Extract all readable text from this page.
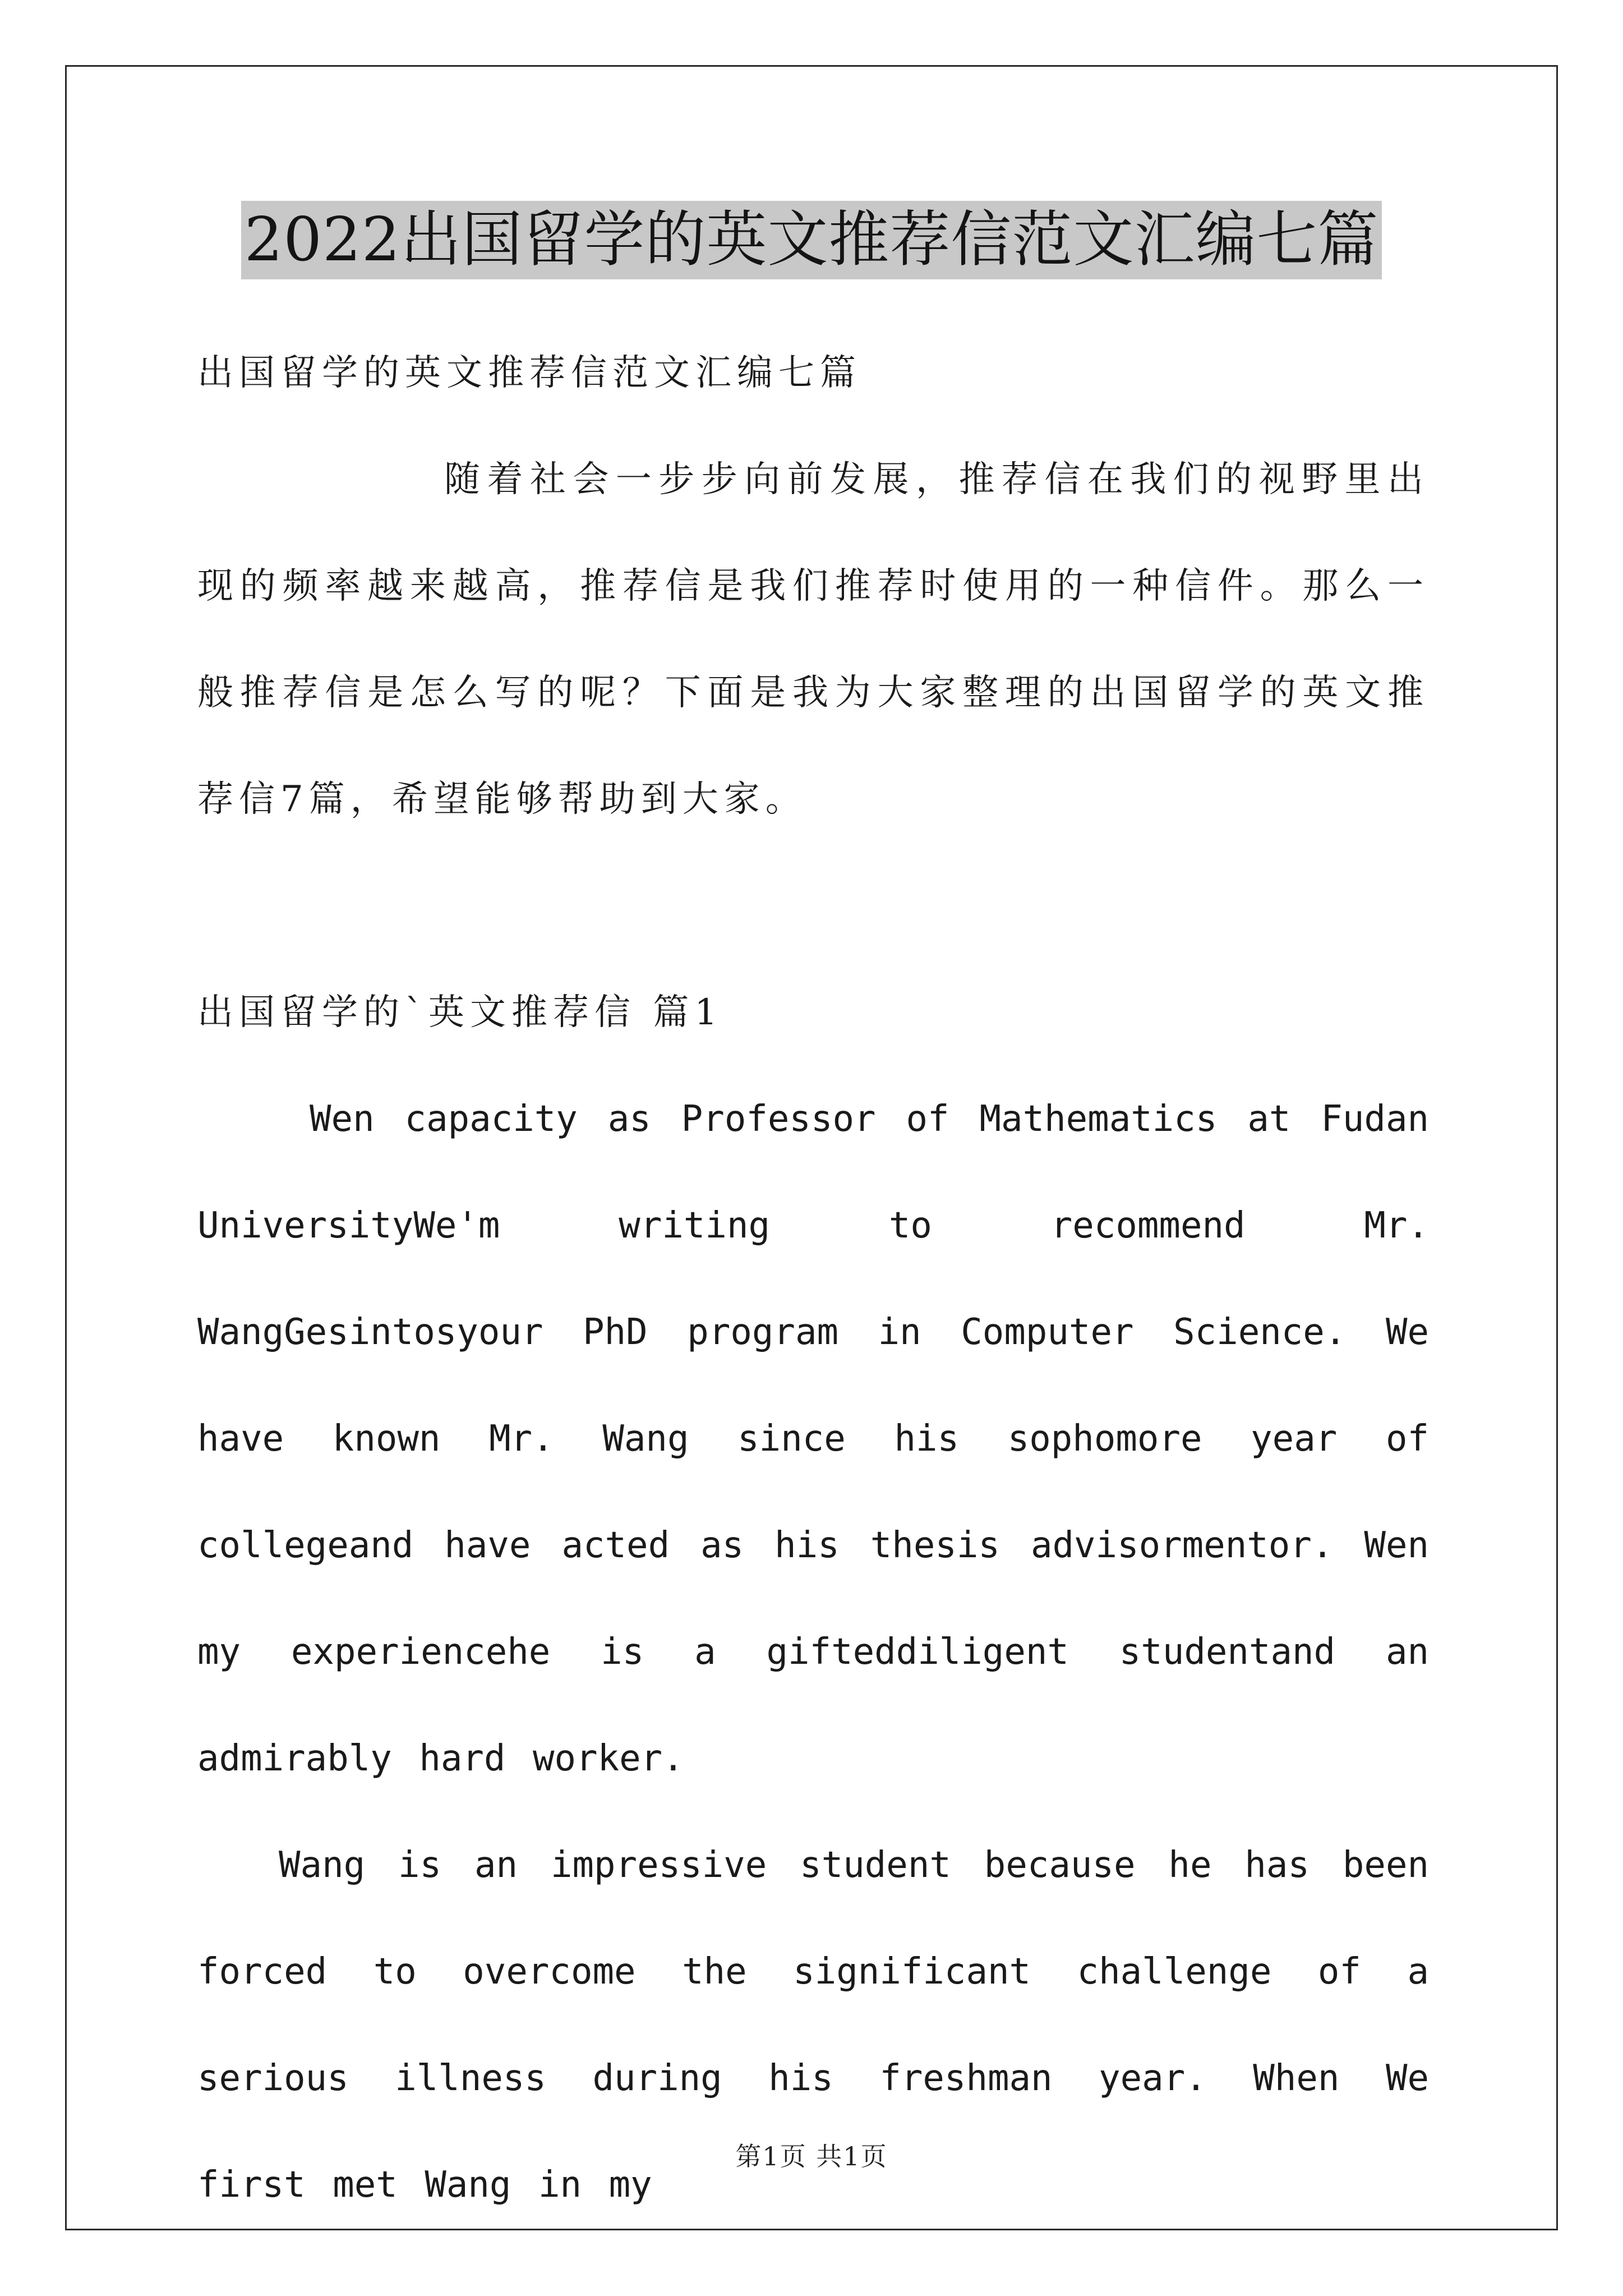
2022出国留学的英文推荐信范文汇编七篇

出国留学的英文推荐信范文汇编七篇

随着社会一步步向前发展，推荐信在我们的视野里出现的频率越来越高，推荐信是我们推荐时使用的一种信件。那么一般推荐信是怎么写的呢？下面是我为大家整理的出国留学的英文推荐信7篇，希望能够帮助到大家。

出国留学的`英文推荐信 篇1

Wen capacity as Professor of Mathematics at Fudan UniversityWe'm writing to recommend Mr. WangGesintosyour PhD program in Computer Science. We have known Mr. Wang since his sophomore year of collegeand have acted as his thesis advisormentor. Wen my experiencehe is a gifteddiligent studentand an admirably hard worker.

Wang is an impressive student because he has been forced to overcome the significant challenge of a serious illness during his freshman year. When We first met Wang in my

第1页 共1页
